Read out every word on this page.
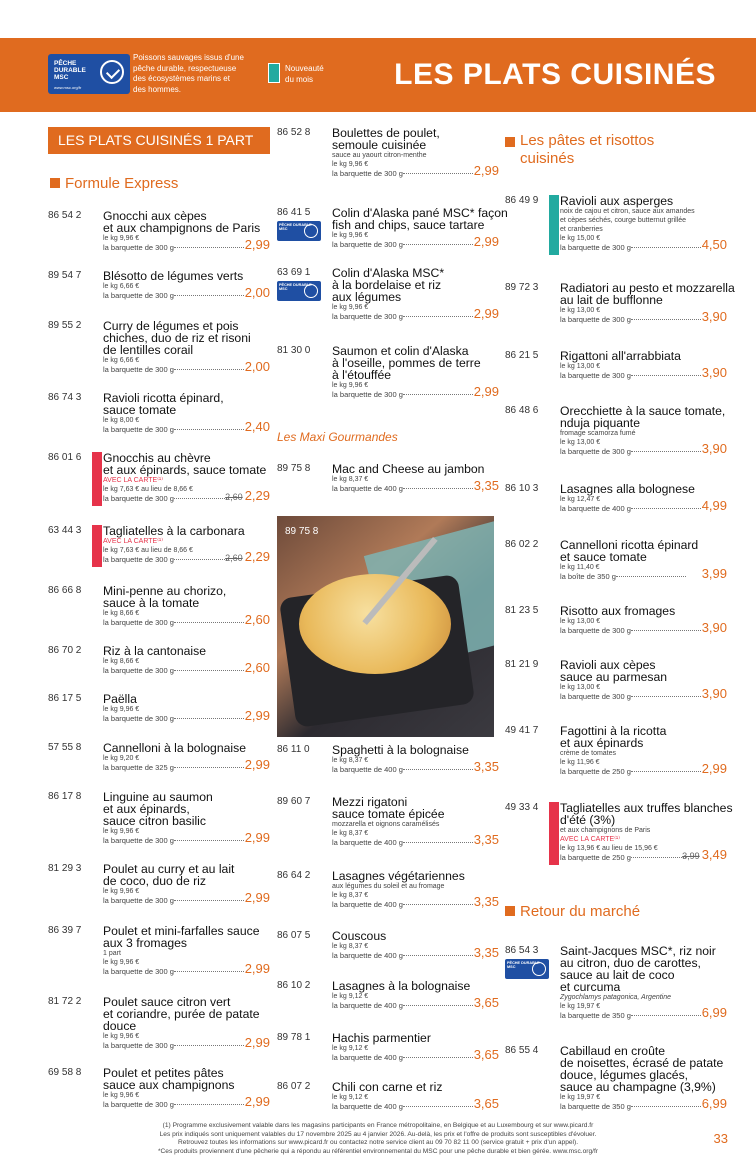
PÊCHE DURABLE MSC
www.msc.org/fr
Poissons sauvages issus d'une
pêche durable, respectueuse
des écosystèmes marins et
des hommes.
Nouveauté
du mois	LES PLATS CUISINÉS
LES PLATS CUISINÉS 1 PART
Formule Express
Les Maxi Gourmandes
Les pâtes et risottos cuisinés
Retour du marché
89 75 8
86 54 2 Gnocchi aux cèpes
et aux champignons de Paris
le kg 9,96 €
la barquette de 300 g	2,99
89 54 7 Blésotto de légumes verts
le kg 6,66 €
la barquette de 300 g	2,00
89 55 2 Curry de légumes et pois
chiches, duo de riz et risoni
de lentilles corail
le kg 6,66 €
la barquette de 300 g	2,00
86 74 3 Ravioli ricotta épinard,
sauce tomate
le kg 8,00 €
la barquette de 300 g	2,40
86 01 6 Gnocchis au chèvre
et aux épinards, sauce tomate
AVEC LA CARTE⁽¹⁾
le kg 7,63 € au lieu de 8,66 €
la barquette de 300 g	2,60 2,29
63 44 3 Tagliatelles à la carbonara
AVEC LA CARTE⁽¹⁾
le kg 7,63 € au lieu de 8,66 €
la barquette de 300 g	2,60 2,29
86 66 8 Mini-penne au chorizo,
sauce à la tomate
le kg 8,66 €
la barquette de 300 g	2,60
86 70 2 Riz à la cantonaise
le kg 8,66 €
la barquette de 300 g	2,60
86 17 5 Paëlla
le kg 9,96 €
la barquette de 300 g	2,99
57 55 8 Cannelloni à la bolognaise
le kg 9,20 €
la barquette de 325 g	2,99
86 17 8 Linguine au saumon
et aux épinards,
sauce citron basilic
le kg 9,96 €
la barquette de 300 g	2,99
81 29 3 Poulet au curry et au lait
de coco, duo de riz
le kg 9,96 €
la barquette de 300 g	2,99
86 39 7 Poulet et mini-farfalles sauce
aux 3 fromages
1 part
le kg 9,96 €
la barquette de 300 g	2,99
81 72 2 Poulet sauce citron vert
et coriandre, purée de patate
douce
le kg 9,96 €
la barquette de 300 g	2,99
69 58 8 Poulet et petites pâtes
sauce aux champignons
le kg 9,96 €
la barquette de 300 g	2,99
86 52 8 Boulettes de poulet,
semoule cuisinée
sauce au yaourt citron-menthe
le kg 9,96 €
la barquette de 300 g	2,99
86 41 5
PÊCHE DURABLE MSC
Colin d'Alaska pané MSC* façon
fish and chips, sauce tartare
le kg 9,96 €
la barquette de 300 g	2,99
63 69 1
PÊCHE DURABLE MSC
Colin d'Alaska MSC*
à la bordelaise et riz
aux légumes
le kg 9,96 €
la barquette de 300 g	2,99
81 30 0 Saumon et colin d'Alaska
à l'oseille, pommes de terre
à l'étouffée
le kg 9,96 €
la barquette de 300 g	2,99
89 75 8 Mac and Cheese au jambon
le kg 8,37 €
la barquette de 400 g	3,35
86 11 0 Spaghetti à la bolognaise
le kg 8,37 €
la barquette de 400 g	3,35
89 60 7 Mezzi rigatoni
sauce tomate épicée
mozzarella et oignons caramélisés
le kg 8,37 €
la barquette de 400 g	3,35
86 64 2 Lasagnes végétariennes
aux légumes du soleil et au fromage
le kg 8,37 €
la barquette de 400 g	3,35
86 07 5 Couscous
le kg 8,37 €
la barquette de 400 g	3,35
86 10 2 Lasagnes à la bolognaise
le kg 9,12 €
la barquette de 400 g	3,65
89 78 1 Hachis parmentier
le kg 9,12 €
la barquette de 400 g	3,65
86 07 2 Chili con carne et riz
le kg 9,12 €
la barquette de 400 g	3,65
86 49 9 Ravioli aux asperges
noix de cajou et citron, sauce aux amandes
et cèpes séchés, courge butternut grillée
et cranberries
le kg 15,00 €
la barquette de 300 g	4,50
89 72 3 Radiatori au pesto et mozzarella
au lait de bufflonne
le kg 13,00 €
la barquette de 300 g	3,90
86 21 5 Rigattoni all'arrabbiata
le kg 13,00 €
la barquette de 300 g	3,90
86 48 6 Orecchiette à la sauce tomate,
nduja piquante
fromage scamorza fumé
le kg 13,00 €
la barquette de 300 g	3,90
86 10 3 Lasagnes alla bolognese
le kg 12,47 €
la barquette de 400 g	4,99
86 02 2 Cannelloni ricotta épinard
et sauce tomate
le kg 11,40 €
la boîte de 350 g	3,99
81 23 5 Risotto aux fromages
le kg 13,00 €
la barquette de 300 g	3,90
81 21 9 Ravioli aux cèpes
sauce au parmesan
le kg 13,00 €
la barquette de 300 g	3,90
49 41 7 Fagottini à la ricotta
et aux épinards
crème de tomates
le kg 11,96 €
la barquette de 250 g	2,99
49 33 4 Tagliatelles aux truffes blanches
d'été (3%)
et aux champignons de Paris
AVEC LA CARTE⁽¹⁾
le kg 13,96 € au lieu de 15,96 €
la barquette de 250 g	3,99 3,49
86 54 3
PÊCHE DURABLE MSC
Saint-Jacques MSC*, riz noir
au citron, duo de carottes,
sauce au lait de coco
et curcuma
Zygochlamys patagonica, Argentine
le kg 19,97 €
la barquette de 350 g	6,99
86 55 4 Cabillaud en croûte
de noisettes, écrasé de patate
douce, légumes glacés,
sauce au champagne (3,9%)
le kg 19,97 €
la barquette de 350 g	6,99
(1) Programme exclusivement valable dans les magasins participants en France métropolitaine, en Belgique et au Luxembourg et sur www.picard.fr
Les prix indiqués sont uniquement valables du 17 novembre 2025 au 4 janvier 2026. Au-delà, les prix et l'offre de produits sont susceptibles d'évoluer.
Retrouvez toutes les informations sur www.picard.fr ou contactez notre service client au 09 70 82 11 00 (service gratuit + prix d'un appel).
*Ces produits proviennent d'une pêcherie qui a répondu au référentiel environnemental du MSC pour une pêche durable et bien gérée. www.msc.org/fr
33
